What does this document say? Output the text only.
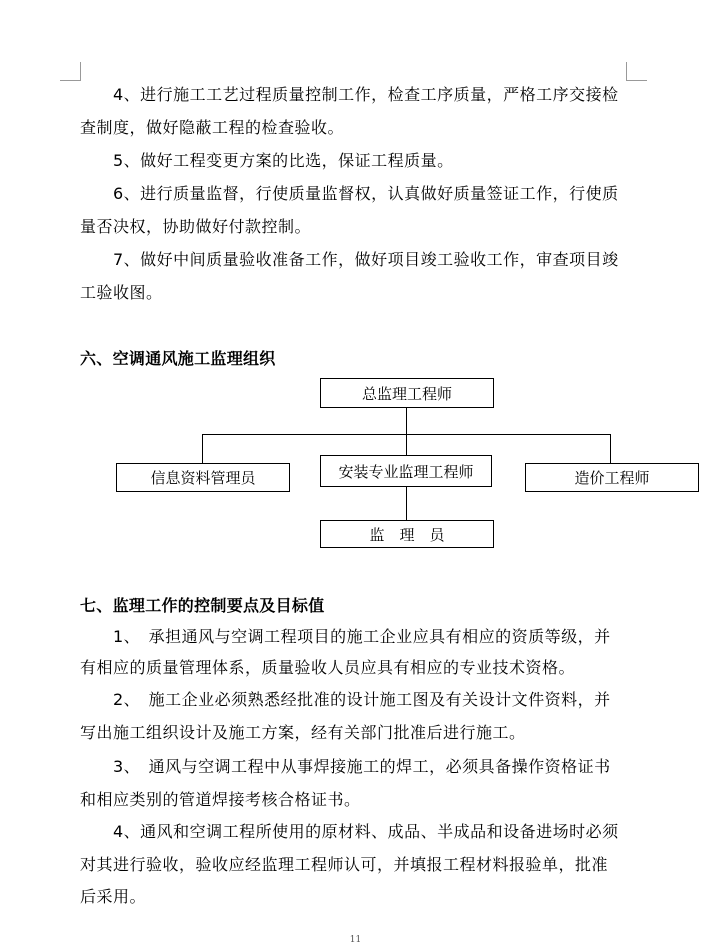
4、进行施工工艺过程质量控制工作，检查工序质量，严格工序交接检

查制度，做好隐蔽工程的检查验收。

5、做好工程变更方案的比选，保证工程质量。

6、进行质量监督，行使质量监督权，认真做好质量签证工作，行使质

量否决权，协助做好付款控制。

7、做好中间质量验收准备工作，做好项目竣工验收工作，审查项目竣

工验收图。

六、空调通风施工监理组织

总监理工程师
信息资料管理员	安装专业监理工程师	造价工程师
监　理　员

七、监理工作的控制要点及目标值

1、　承担通风与空调工程项目的施工企业应具有相应的资质等级，并

有相应的质量管理体系，质量验收人员应具有相应的专业技术资格。

2、　施工企业必须熟悉经批准的设计施工图及有关设计文件资料，并

写出施工组织设计及施工方案，经有关部门批准后进行施工。

3、　通风与空调工程中从事焊接施工的焊工，必须具备操作资格证书

和相应类别的管道焊接考核合格证书。

4、通风和空调工程所使用的原材料、成品、半成品和设备进场时必须

对其进行验收，验收应经监理工程师认可，并填报工程材料报验单，批准

后采用。

11
